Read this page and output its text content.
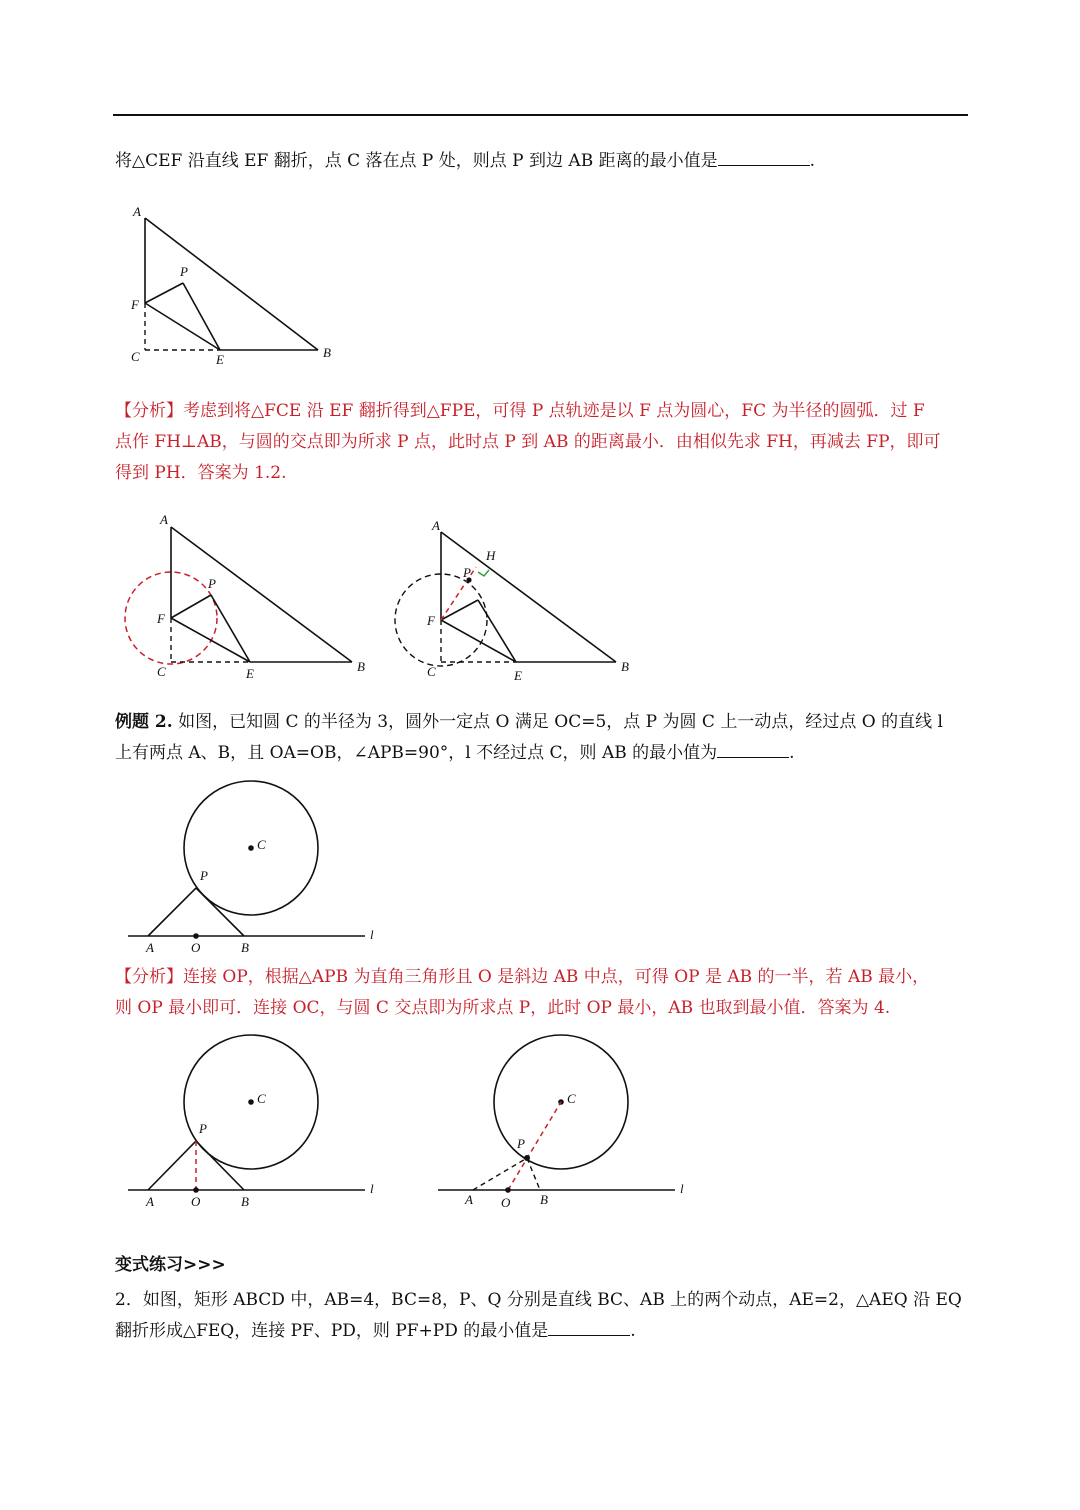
将△CEF 沿直线 EF 翻折，点 C 落在点 P 处，则点 P 到边 AB 距离的最小值是	.

A
P
F
C	E	B
【分析】考虑到将△FCE 沿 EF 翻折得到△FPE，可得 P 点轨迹是以 F 点为圆心，FC 为半径的圆弧．过 F
点作 FH⊥AB，与圆的交点即为所求 P 点，此时点 P 到 AB 的距离最小．由相似先求 FH，再减去 FP，即可
得到 PH．答案为 1.2.
A
P
F
C	E	B
A
H
P
F
C	E
B
例题 2. 如图，已知圆 C 的半径为 3，圆外一定点 O 满足 OC=5，点 P 为圆 C 上一动点，经过点 O 的直线 l
上有两点 A、B，且 OA=OB，∠APB=90°，l 不经过点 C，则 AB 的最小值为	.
C
P
A	O	B
l
【分析】连接 OP，根据△APB 为直角三角形且 O 是斜边 AB 中点，可得 OP 是 AB 的一半，若 AB 最小，
则 OP 最小即可．连接 OC，与圆 C 交点即为所求点 P，此时 OP 最小，AB 也取到最小值．答案为 4.
C
P
A	O	B
l
C
P
A O B
l
变式练习>>>
2．如图，矩形 ABCD 中，AB=4，BC=8，P、Q 分别是直线 BC、AB 上的两个动点，AE=2，△AEQ 沿 EQ
翻折形成△FEQ，连接 PF、PD，则 PF+PD 的最小值是	.
